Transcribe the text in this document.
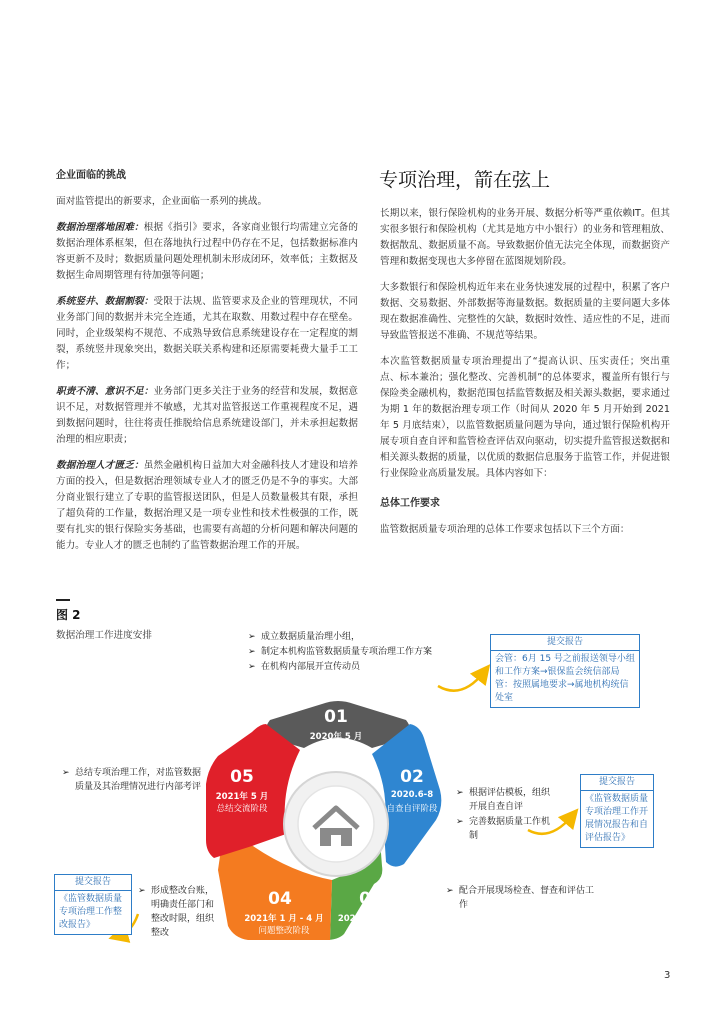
企业面临的挑战

面对监管提出的新要求，企业面临一系列的挑战。

数据治理落地困难：根据《指引》要求，各家商业银行均需建立完备的数据治理体系框架，但在落地执行过程中仍存在不足，包括数据标准内容更新不及时；数据质量问题处理机制未形成闭环，效率低；主数据及数据生命周期管理有待加强等问题；

系统竖井、数据割裂：受限于法规、监管要求及企业的管理现状，不同业务部门间的数据并未完全连通，尤其在取数、用数过程中存在壁垒。同时，企业级架构不规范、不成熟导致信息系统建设存在一定程度的割裂，系统竖井现象突出，数据关联关系构建和还原需要耗费大量手工工作；

职责不清、意识不足：业务部门更多关注于业务的经营和发展，数据意识不足，对数据管理并不敏感，尤其对监管报送工作重视程度不足，遇到数据问题时，往往将责任推脱给信息系统建设部门，并未承担起数据治理的相应职责；

数据治理人才匮乏：虽然金融机构日益加大对金融科技人才建设和培养方面的投入，但是数据治理领域专业人才的匮乏仍是不争的事实。大部分商业银行建立了专职的监管报送团队，但是人员数量极其有限，承担了超负荷的工作量，数据治理又是一项专业性和技术性极强的工作，既要有扎实的银行保险实务基础，也需要有高超的分析问题和解决问题的能力。专业人才的匮乏也制约了监管数据治理工作的开展。

专项治理，箭在弦上

长期以来，银行保险机构的业务开展、数据分析等严重依赖IT。但其实很多银行和保险机构（尤其是地方中小银行）的业务和管理粗放、数据散乱、数据质量不高。导致数据价值无法完全体现，而数据资产管理和数据变现也大多停留在蓝图规划阶段。

大多数银行和保险机构近年来在业务快速发展的过程中，积累了客户数据、交易数据、外部数据等海量数据。数据质量的主要问题大多体现在数据准确性、完整性的欠缺，数据时效性、适应性的不足，进而导致监管报送不准确、不规范等结果。

本次监管数据质量专项治理提出了“提高认识、压实责任；突出重点、标本兼治；强化整改、完善机制”的总体要求，覆盖所有银行与保险类金融机构，数据范围包括监管数据及相关源头数据，要求通过为期 1 年的数据治理专项工作（时间从 2020 年 5 月开始到 2021 年 5 月底结束），以监管数据质量问题为导向，通过银行保险机构开展专项自查自评和监管检查评估双向驱动，切实提升监管报送数据和相关源头数据的质量，以优质的数据信息服务于监管工作，并促进银行业保险业高质量发展。具体内容如下：

总体工作要求

监管数据质量专项治理的总体工作要求包括以下三个方面：

图 2
数据治理工作进度安排
01
2020年 5 月
工作启动
02
2020.6-8
自查自评阶段
03
2020年9月 - 12月
监管检查评估
04
2021年 1 月 - 4 月
问题整改阶段
05
2021年 5 月
总结交流阶段
➢ 成立数据质量治理小组，
➢ 制定本机构监管数据质量专项治理工作方案
➢ 在机构内部展开宣传动员
➢ 根据评估模板，组织开展自查自评
➢ 完善数据质量工作机制
➢ 配合开展现场检查、督查和评估工作
➢ 形成整改台账，明确责任部门和整改时限，组织整改
➢ 总结专项治理工作，对监管数据质量及其治理情况进行内部考评
提交报告
会管：6月 15 号之前报送领导小组和工作方案→银保监会统信部局管：按照属地要求→属地机构统信处室
提交报告
《监管数据质量专项治理工作开展情况报告和自评估报告》
提交报告
《监管数据质量专项治理工作整改报告》
3
